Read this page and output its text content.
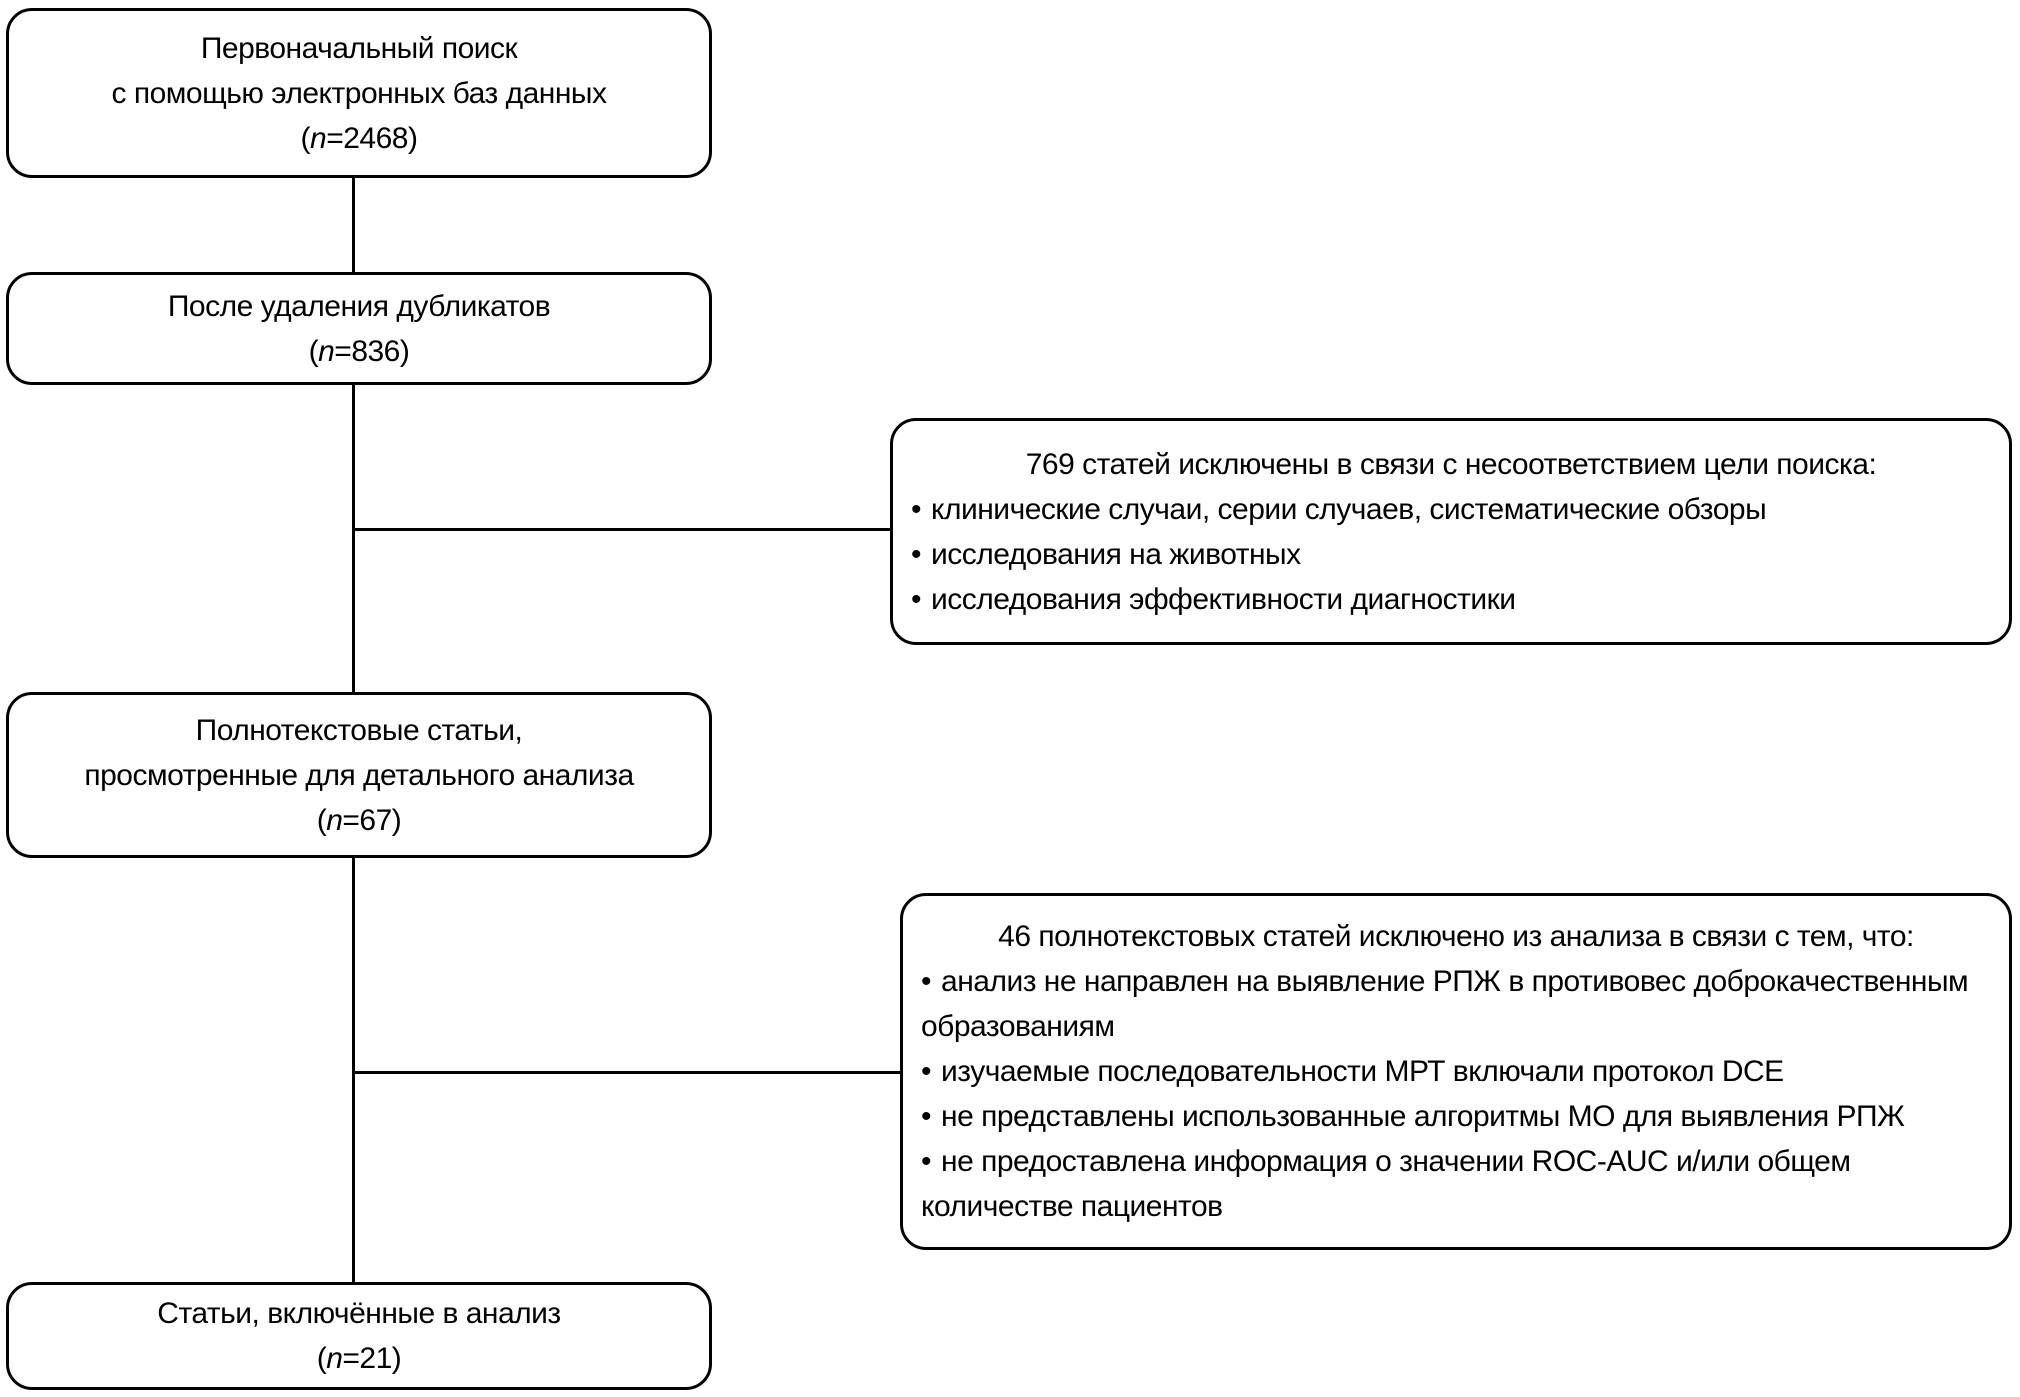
Первоначальный поиск
с помощью электронных баз данных
(n=2468)
После удаления дубликатов
(n=836)
Полнотекстовые статьи,
просмотренные для детального анализа
(n=67)
Статьи, включённые в анализ
(n=21)
769 статей исключены в связи с несоответствием цели поиска:
• клинические случаи, серии случаев, систематические обзоры
• исследования на животных
• исследования эффективности диагностики
46 полнотекстовых статей исключено из анализа в связи с тем, что:
• анализ не направлен на выявление РПЖ в противовес доброкачественным образованиям
• изучаемые последовательности МРТ включали протокол DCE
• не представлены использованные алгоритмы МО для выявления РПЖ
• не предоставлена информация о значении ROC-AUC и/или общем количестве пациентов
